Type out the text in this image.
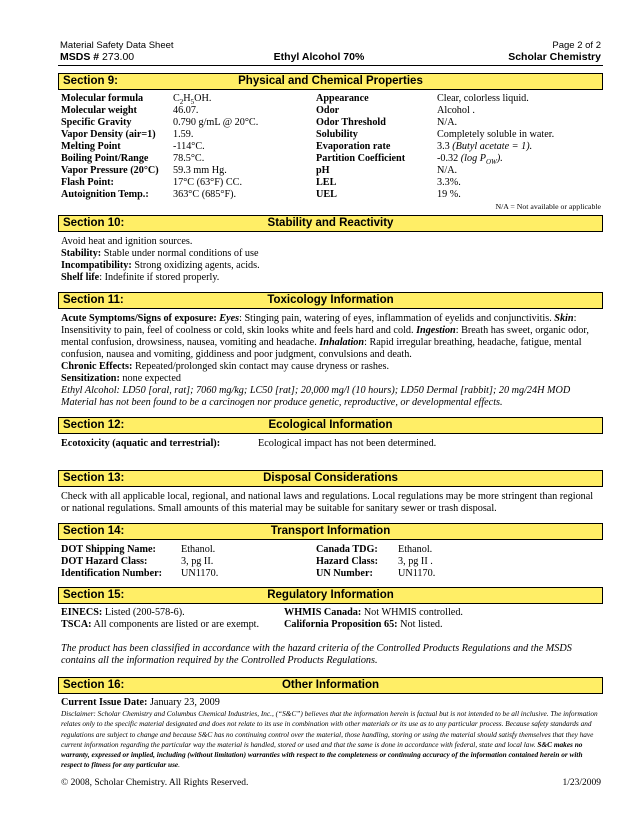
Material Safety Data Sheet	Page 2 of 2
MSDS # 273.00	Ethyl Alcohol 70%	Scholar Chemistry
Section 9:	Physical and Chemical Properties
Molecular formula	$C_2H_5OH$.
Molecular weight	46.07.
Specific Gravity	0.790 g/mL @ 20°C.
Vapor Density (air=1)	1.59.
Melting Point	-114°C.
Boiling Point/Range	78.5°C.
Vapor Pressure (20°C)	59.3 mm Hg.
Flash Point:	17°C (63°F) CC.
Autoignition Temp.:	363°C (685°F).
Appearance	Clear, colorless liquid.
Odor	Alcohol .
Odor Threshold	N/A.
Solubility	Completely soluble in water.
Evaporation rate	3.3 (Butyl acetate = 1).
Partition Coefficient	-0.32 (log $P_{OW}$).
pH	N/A.
LEL	3.3%.
UEL	19 %.
N/A = Not available or applicable
Section 10:	Stability and Reactivity
Avoid heat and ignition sources.
Stability: Stable under normal conditions of use
Incompatibility: Strong oxidizing agents, acids.
Shelf life: Indefinite if stored properly.
Section 11:	Toxicology Information
Acute Symptoms/Signs of exposure: Eyes: Stinging pain, watering of eyes, inflammation of eyelids and conjunctivitis. Skin: Insensitivity to pain, feel of coolness or cold, skin looks white and feels hard and cold. Ingestion: Breath has sweet, organic odor, mental confusion, drowsiness, nausea, vomiting and headache. Inhalation: Rapid irregular breathing, headache, fatigue, mental confusion, nausea and vomiting, giddiness and poor judgment, convulsions and death.
Chronic Effects: Repeated/prolonged skin contact may cause dryness or rashes.
Sensitization: none expected
Ethyl Alcohol: LD50 [oral, rat]; 7060 mg/kg; LC50 [rat]; 20,000 mg/l (10 hours); LD50 Dermal [rabbit]; 20 mg/24H MOD
Material has not been found to be a carcinogen nor produce genetic, reproductive, or developmental effects.
Section 12:	Ecological Information
Ecotoxicity (aquatic and terrestrial):	Ecological impact has not been determined.
Section 13:	Disposal Considerations
Check with all applicable local, regional, and national laws and regulations. Local regulations may be more stringent than regional or national regulations. Small amounts of this material may be suitable for sanitary sewer or trash disposal.
Section 14:	Transport Information
DOT Shipping Name:	Ethanol.
DOT Hazard Class:	3, pg II.
Identification Number:	UN1170.
Canada TDG:	Ethanol.
Hazard Class:	3, pg II .
UN Number:	UN1170.
Section 15:	Regulatory Information
EINECS: Listed (200-578-6).
TSCA: All components are listed or are exempt.
WHMIS Canada: Not WHMIS controlled.
California Proposition 65: Not listed.
The product has been classified in accordance with the hazard criteria of the Controlled Products Regulations and the MSDS contains all the information required by the Controlled Products Regulations.
Section 16:	Other Information
Current Issue Date: January 23, 2009
Disclaimer: Scholar Chemistry and Columbus Chemical Industries, Inc., (“S&C”) believes that the information herein is factual but is not intended to be all inclusive. The information relates only to the specific material designated and does not relate to its use in combination with other materials or its use as to any particular process. Because safety standards and regulations are subject to change and because S&C has no continuing control over the material, those handling, storing or using the material should satisfy themselves that they have current information regarding the particular way the material is handled, stored or used and that the same is done in accordance with federal, state and local law. S&C makes no warranty, expressed or implied, including (without limitation) warranties with respect to the completeness or continuing accuracy of the information contained herein or with respect to fitness for any particular use.
© 2008, Scholar Chemistry. All Rights Reserved.	1/23/2009
